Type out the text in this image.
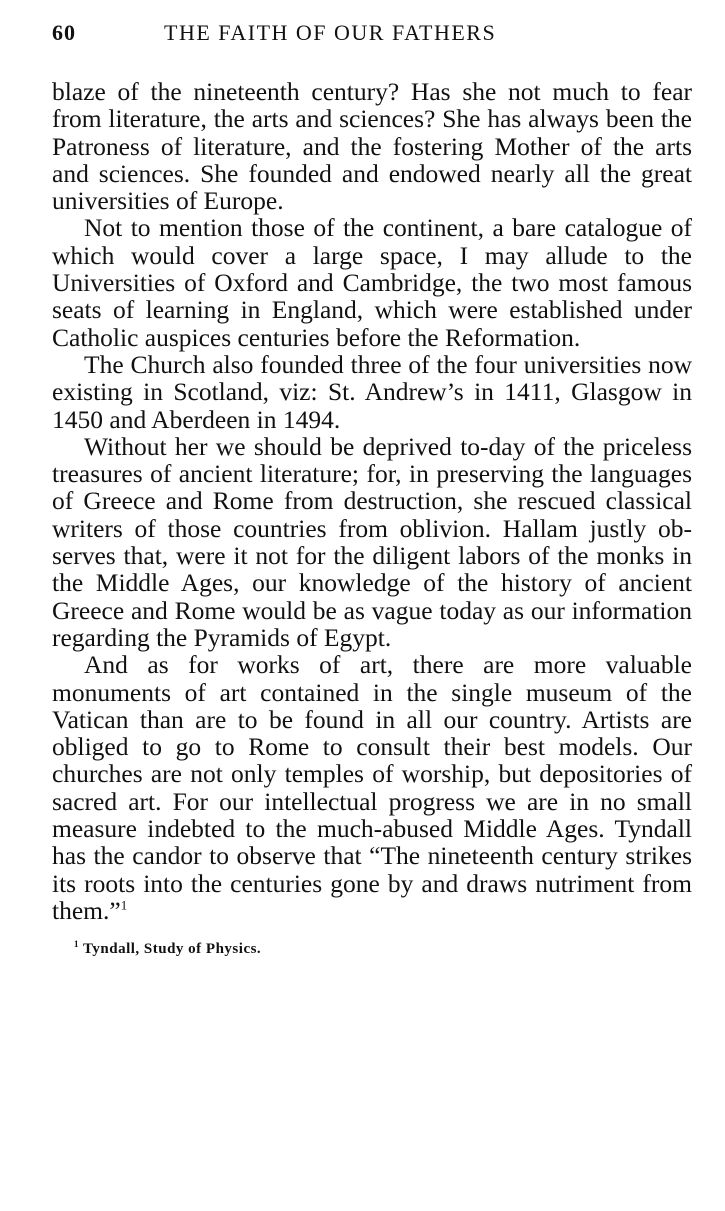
60	THE FAITH OF OUR FATHERS

blaze of the nineteenth century? Has she not much to fear from literature, the arts and sciences? She has always been the Patroness of literature, and the fostering Mother of the arts and sciences. She founded and endowed nearly all the great universities of Europe.

Not to mention those of the continent, a bare catalogue of which would cover a large space, I may allude to the Universities of Oxford and Cambridge, the two most famous seats of learning in England, which were established under Catholic auspices centuries before the Reformation.

The Church also founded three of the four universities now existing in Scotland, viz: St. Andrew’s in 1411, Glasgow in 1450 and Aberdeen in 1494.

Without her we should be deprived to-day of the priceless treasures of ancient literature; for, in preserving the languages of Greece and Rome from destruction, she rescued classical writers of those countries from oblivion. Hallam justly observes that, were it not for the diligent labors of the monks in the Middle Ages, our knowledge of the history of ancient Greece and Rome would be as vague today as our information regarding the Pyramids of Egypt.

And as for works of art, there are more valuable monuments of art contained in the single museum of the Vatican than are to be found in all our country. Artists are obliged to go to Rome to consult their best models. Our churches are not only temples of worship, but depositories of sacred art. For our intellectual progress we are in no small measure indebted to the much-abused Middle Ages. Tyndall has the candor to observe that “The nineteenth century strikes its roots into the centuries gone by and draws nutriment from them.”$^1$

$^1$ Tyndall, Study of Physics.
